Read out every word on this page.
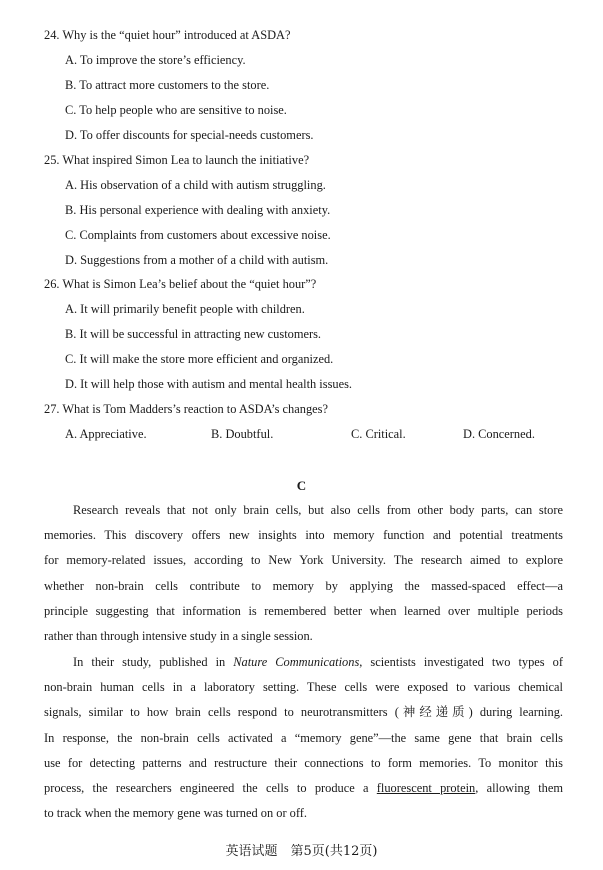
24. Why is the “quiet hour” introduced at ASDA?
A. To improve the store’s efficiency.
B. To attract more customers to the store.
C. To help people who are sensitive to noise.
D. To offer discounts for special-needs customers.
25. What inspired Simon Lea to launch the initiative?
A. His observation of a child with autism struggling.
B. His personal experience with dealing with anxiety.
C. Complaints from customers about excessive noise.
D. Suggestions from a mother of a child with autism.
26. What is Simon Lea’s belief about the “quiet hour”?
A. It will primarily benefit people with children.
B. It will be successful in attracting new customers.
C. It will make the store more efficient and organized.
D. It will help those with autism and mental health issues.
27. What is Tom Madders’s reaction to ASDA’s changes?
A. Appreciative.	B. Doubtful.	C. Critical.	D. Concerned.
C
Research reveals that not only brain cells, but also cells from other body parts, can store
memories. This discovery offers new insights into memory function and potential treatments
for memory-related issues, according to New York University. The research aimed to explore
whether non-brain cells contribute to memory by applying the massed-spaced effect—a
principle suggesting that information is remembered better when learned over multiple periods
rather than through intensive study in a single session.
In their study, published in Nature Communications, scientists investigated two types of
non-brain human cells in a laboratory setting. These cells were exposed to various chemical
signals, similar to how brain cells respond to neurotransmitters (神经递质) during learning.
In response, the non-brain cells activated a “memory gene”—the same gene that brain cells
use for detecting patterns and restructure their connections to form memories. To monitor this
process, the researchers engineered the cells to produce a fluorescent protein, allowing them
to track when the memory gene was turned on or off.
英语试题　第5页(共12页)
